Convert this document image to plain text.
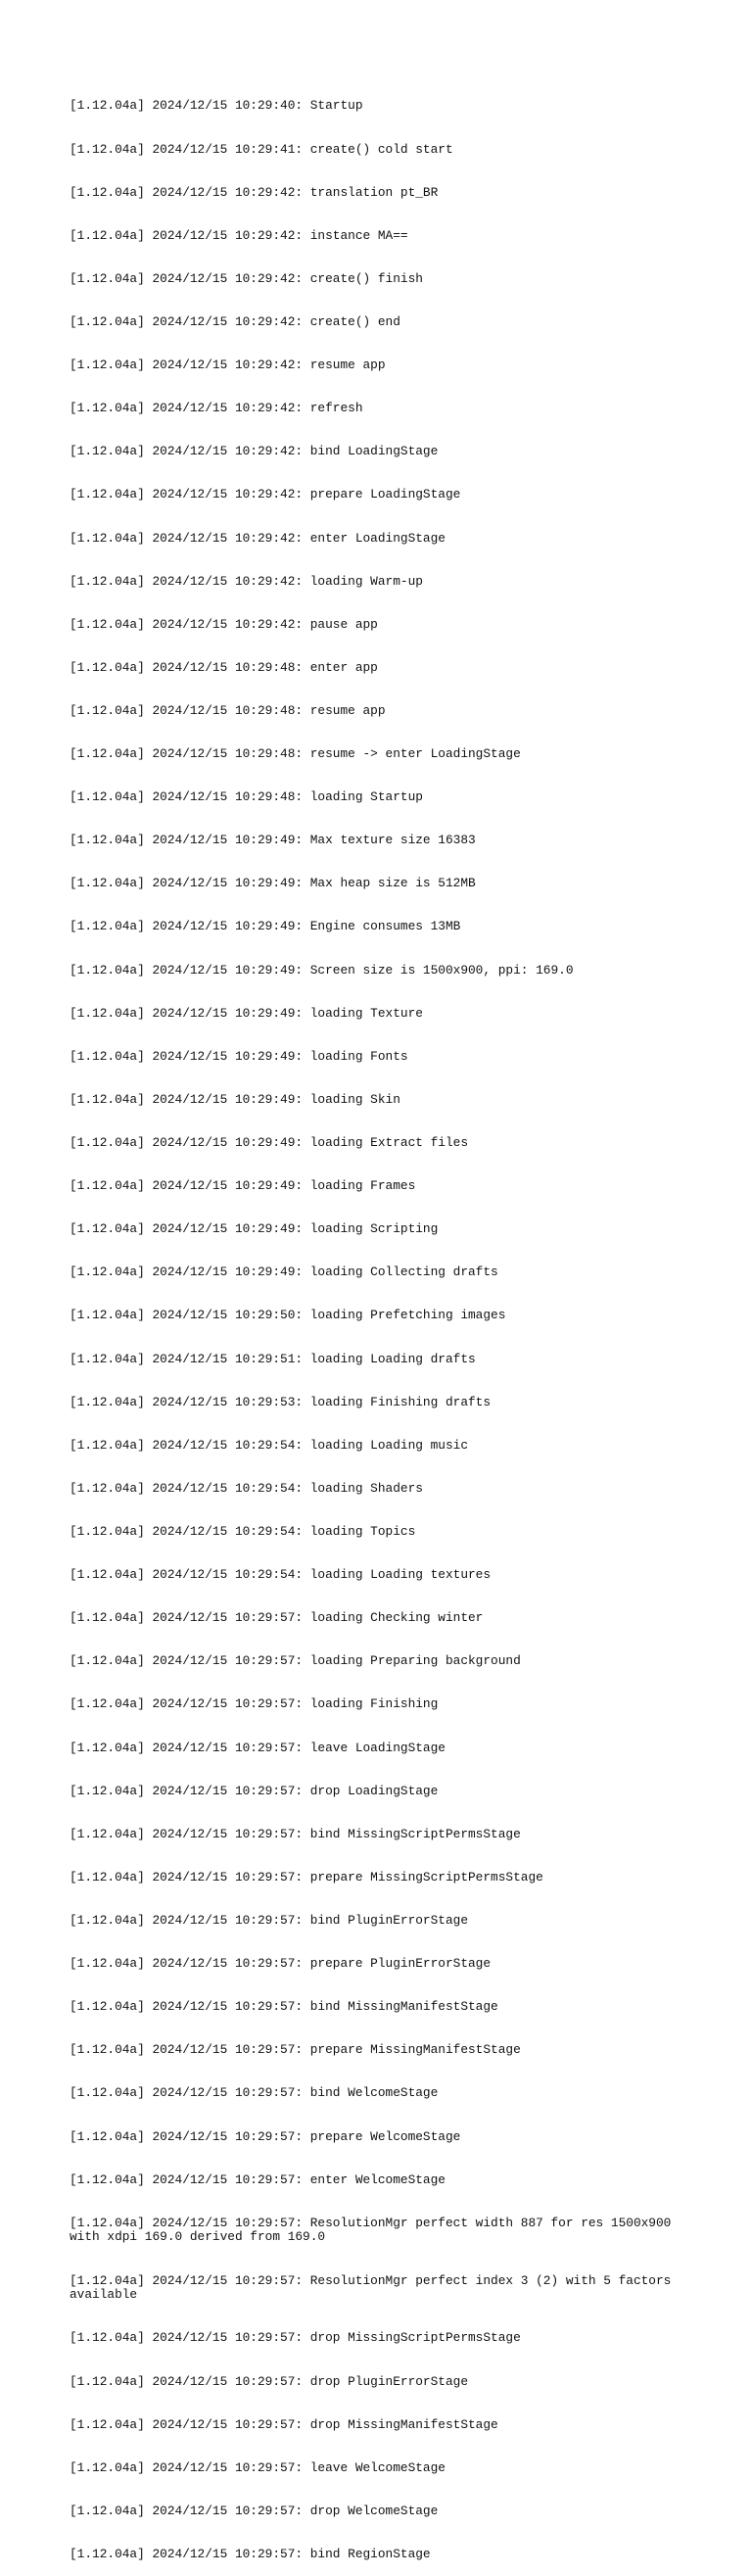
[1.12.04a] 2024/12/15 10:29:40: Startup

[1.12.04a] 2024/12/15 10:29:41: create() cold start

[1.12.04a] 2024/12/15 10:29:42: translation pt_BR

[1.12.04a] 2024/12/15 10:29:42: instance MA==

[1.12.04a] 2024/12/15 10:29:42: create() finish

[1.12.04a] 2024/12/15 10:29:42: create() end

[1.12.04a] 2024/12/15 10:29:42: resume app

[1.12.04a] 2024/12/15 10:29:42: refresh

[1.12.04a] 2024/12/15 10:29:42: bind LoadingStage

[1.12.04a] 2024/12/15 10:29:42: prepare LoadingStage

[1.12.04a] 2024/12/15 10:29:42: enter LoadingStage

[1.12.04a] 2024/12/15 10:29:42: loading Warm-up

[1.12.04a] 2024/12/15 10:29:42: pause app

[1.12.04a] 2024/12/15 10:29:48: enter app

[1.12.04a] 2024/12/15 10:29:48: resume app

[1.12.04a] 2024/12/15 10:29:48: resume -> enter LoadingStage

[1.12.04a] 2024/12/15 10:29:48: loading Startup

[1.12.04a] 2024/12/15 10:29:49: Max texture size 16383

[1.12.04a] 2024/12/15 10:29:49: Max heap size is 512MB

[1.12.04a] 2024/12/15 10:29:49: Engine consumes 13MB

[1.12.04a] 2024/12/15 10:29:49: Screen size is 1500x900, ppi: 169.0

[1.12.04a] 2024/12/15 10:29:49: loading Texture

[1.12.04a] 2024/12/15 10:29:49: loading Fonts

[1.12.04a] 2024/12/15 10:29:49: loading Skin

[1.12.04a] 2024/12/15 10:29:49: loading Extract files

[1.12.04a] 2024/12/15 10:29:49: loading Frames

[1.12.04a] 2024/12/15 10:29:49: loading Scripting

[1.12.04a] 2024/12/15 10:29:49: loading Collecting drafts

[1.12.04a] 2024/12/15 10:29:50: loading Prefetching images

[1.12.04a] 2024/12/15 10:29:51: loading Loading drafts

[1.12.04a] 2024/12/15 10:29:53: loading Finishing drafts

[1.12.04a] 2024/12/15 10:29:54: loading Loading music

[1.12.04a] 2024/12/15 10:29:54: loading Shaders

[1.12.04a] 2024/12/15 10:29:54: loading Topics

[1.12.04a] 2024/12/15 10:29:54: loading Loading textures

[1.12.04a] 2024/12/15 10:29:57: loading Checking winter

[1.12.04a] 2024/12/15 10:29:57: loading Preparing background

[1.12.04a] 2024/12/15 10:29:57: loading Finishing

[1.12.04a] 2024/12/15 10:29:57: leave LoadingStage

[1.12.04a] 2024/12/15 10:29:57: drop LoadingStage

[1.12.04a] 2024/12/15 10:29:57: bind MissingScriptPermsStage

[1.12.04a] 2024/12/15 10:29:57: prepare MissingScriptPermsStage

[1.12.04a] 2024/12/15 10:29:57: bind PluginErrorStage

[1.12.04a] 2024/12/15 10:29:57: prepare PluginErrorStage

[1.12.04a] 2024/12/15 10:29:57: bind MissingManifestStage

[1.12.04a] 2024/12/15 10:29:57: prepare MissingManifestStage

[1.12.04a] 2024/12/15 10:29:57: bind WelcomeStage

[1.12.04a] 2024/12/15 10:29:57: prepare WelcomeStage

[1.12.04a] 2024/12/15 10:29:57: enter WelcomeStage

[1.12.04a] 2024/12/15 10:29:57: ResolutionMgr perfect width 887 for res 1500x900 with xdpi 169.0 derived from 169.0

[1.12.04a] 2024/12/15 10:29:57: ResolutionMgr perfect index 3 (2) with 5 factors available

[1.12.04a] 2024/12/15 10:29:57: drop MissingScriptPermsStage

[1.12.04a] 2024/12/15 10:29:57: drop PluginErrorStage

[1.12.04a] 2024/12/15 10:29:57: drop MissingManifestStage

[1.12.04a] 2024/12/15 10:29:57: leave WelcomeStage

[1.12.04a] 2024/12/15 10:29:57: drop WelcomeStage

[1.12.04a] 2024/12/15 10:29:57: bind RegionStage
